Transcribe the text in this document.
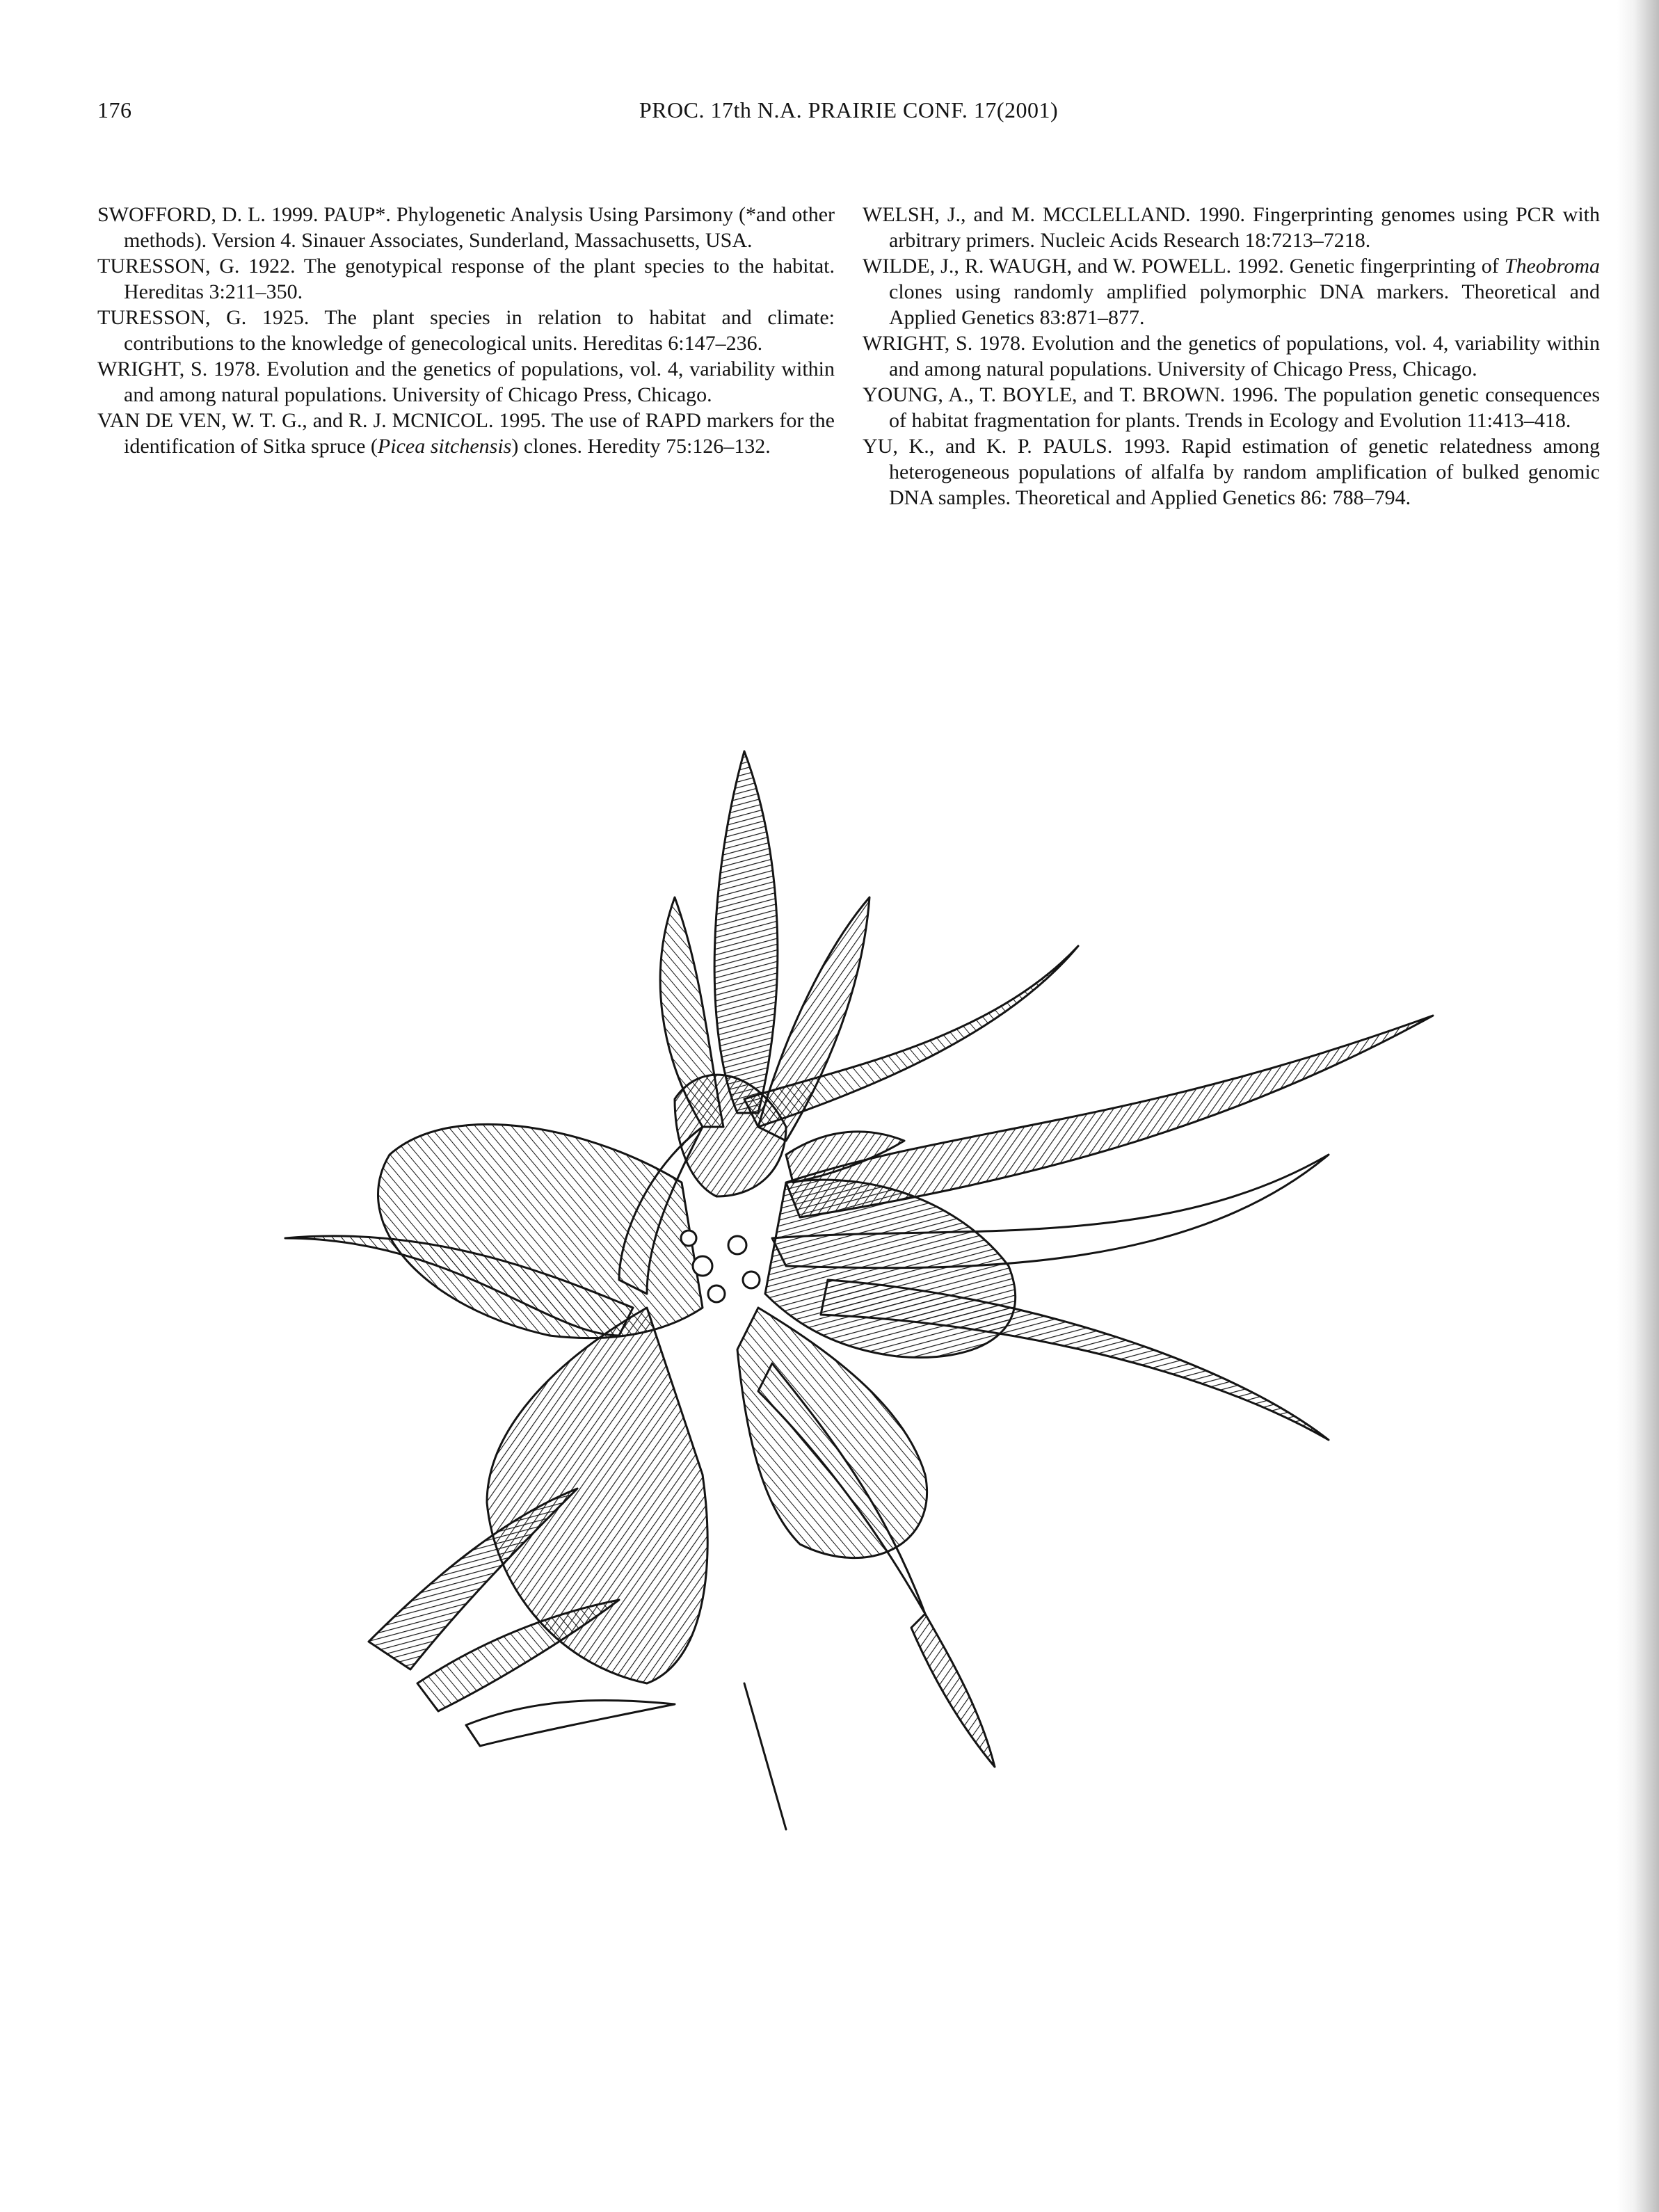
176	PROC. 17th N.A. PRAIRIE CONF. 17(2001)

SWOFFORD, D. L. 1999. PAUP*. Phylogenetic Analysis Using Parsimony (*and other methods). Version 4. Sinauer Associates, Sunderland, Massachusetts, USA.

TURESSON, G. 1922. The genotypical response of the plant species to the habitat. Hereditas 3:211–350.

TURESSON, G. 1925. The plant species in relation to habitat and climate: contributions to the knowledge of genecological units. Hereditas 6:147–236.

WRIGHT, S. 1978. Evolution and the genetics of populations, vol. 4, variability within and among natural populations. University of Chicago Press, Chicago.

VAN DE VEN, W. T. G., and R. J. MCNICOL. 1995. The use of RAPD markers for the identification of Sitka spruce (Picea sitchensis) clones. Heredity 75:126–132.

WELSH, J., and M. MCCLELLAND. 1990. Fingerprinting genomes using PCR with arbitrary primers. Nucleic Acids Research 18:7213–7218.

WILDE, J., R. WAUGH, and W. POWELL. 1992. Genetic fingerprinting of Theobroma clones using randomly amplified polymorphic DNA markers. Theoretical and Applied Genetics 83:871–877.

WRIGHT, S. 1978. Evolution and the genetics of populations, vol. 4, variability within and among natural populations. University of Chicago Press, Chicago.

YOUNG, A., T. BOYLE, and T. BROWN. 1996. The population genetic consequences of habitat fragmentation for plants. Trends in Ecology and Evolution 11:413–418.

YU, K., and K. P. PAULS. 1993. Rapid estimation of genetic relatedness among heterogeneous populations of alfalfa by random amplification of bulked genomic DNA samples. Theoretical and Applied Genetics 86: 788–794.
